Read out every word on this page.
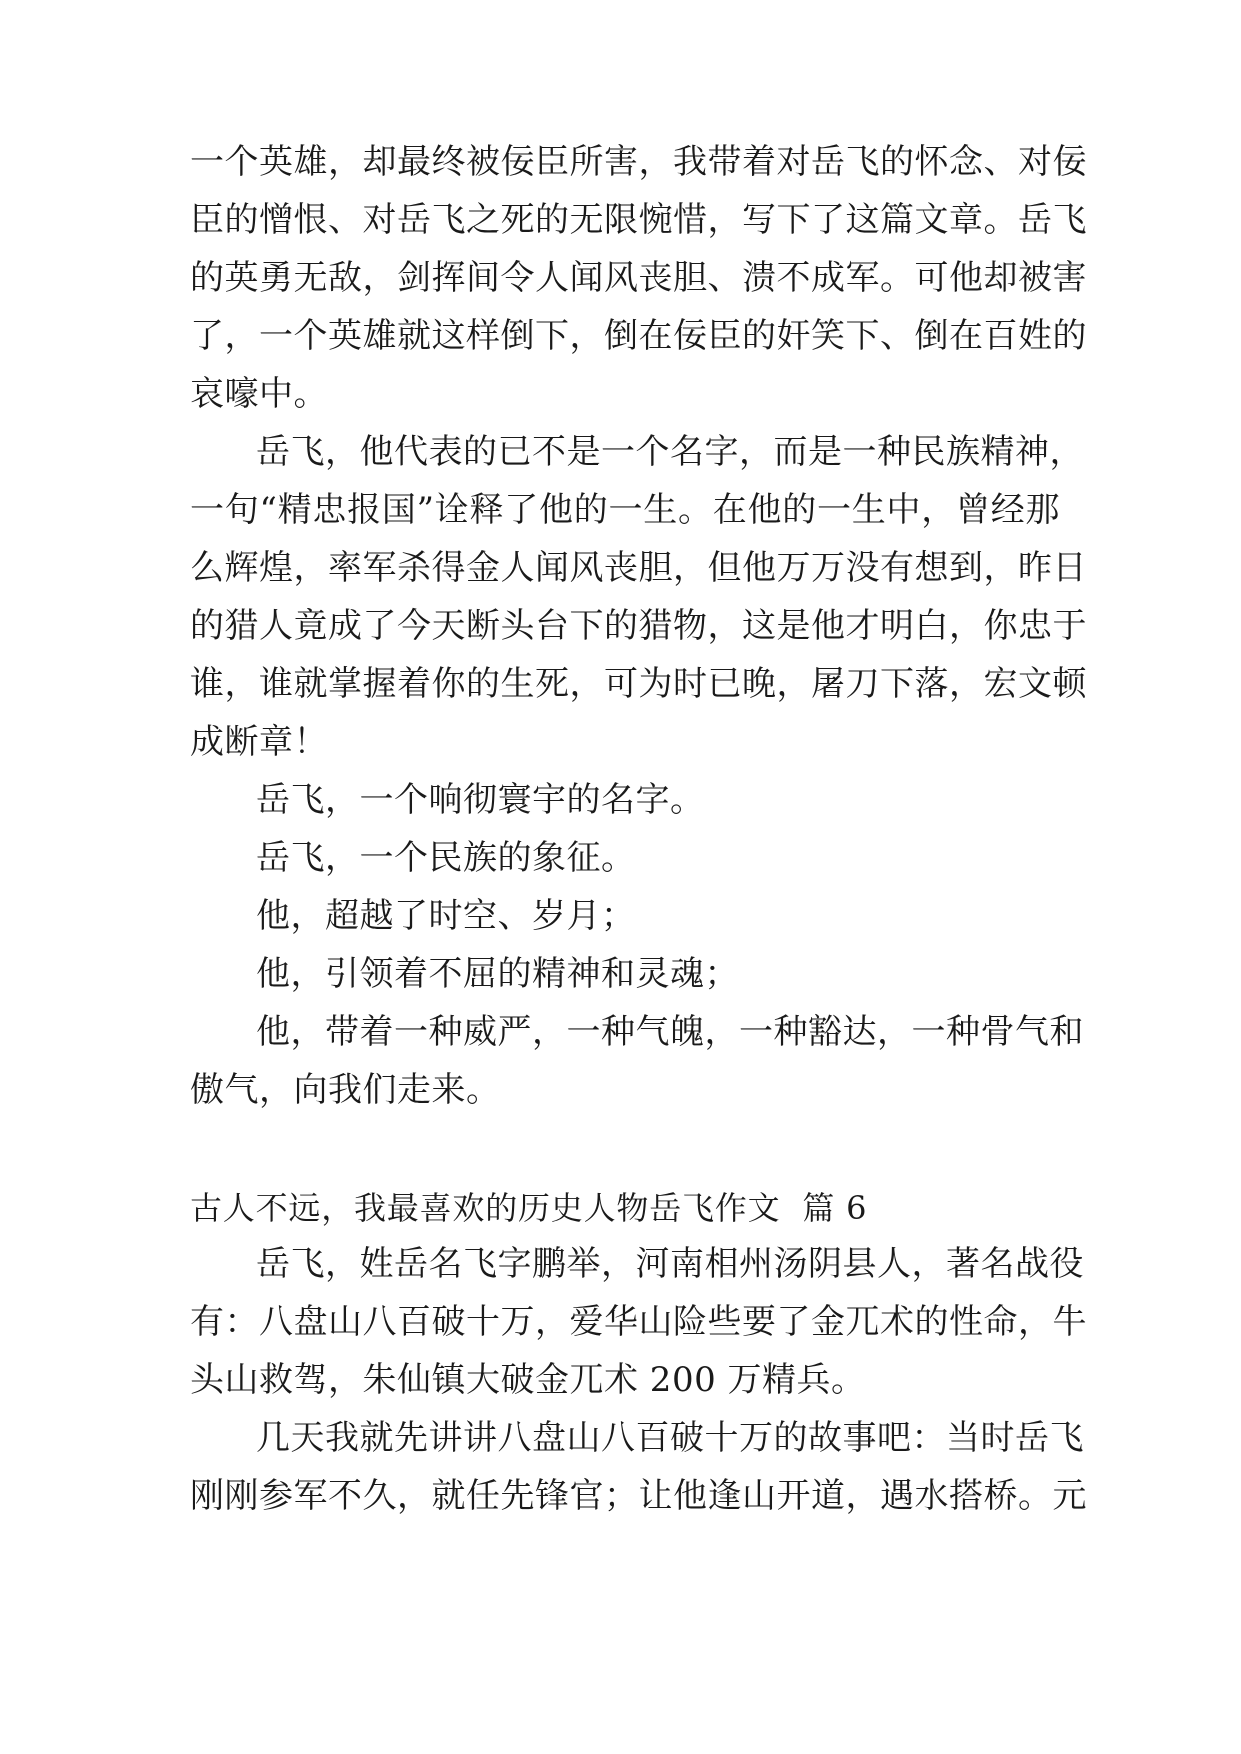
一个英雄，却最终被佞臣所害，我带着对岳飞的怀念、对佞
臣的憎恨、对岳飞之死的无限惋惜，写下了这篇文章。岳飞
的英勇无敌，剑挥间令人闻风丧胆、溃不成军。可他却被害
了，一个英雄就这样倒下，倒在佞臣的奸笑下、倒在百姓的
哀嚎中。
岳飞，他代表的已不是一个名字，而是一种民族精神，
一句“精忠报国”诠释了他的一生。在他的一生中，曾经那
么辉煌，率军杀得金人闻风丧胆，但他万万没有想到，昨日
的猎人竟成了今天断头台下的猎物，这是他才明白，你忠于
谁，谁就掌握着你的生死，可为时已晚，屠刀下落，宏文顿
成断章！
岳飞，一个响彻寰宇的名字。
岳飞，一个民族的象征。
他，超越了时空、岁月；
他，引领着不屈的精神和灵魂；
他，带着一种威严，一种气魄，一种豁达，一种骨气和
傲气，向我们走来。
古人不远，我最喜欢的历史人物岳飞作文  篇 6
岳飞，姓岳名飞字鹏举，河南相州汤阴县人，著名战役
有：八盘山八百破十万，爱华山险些要了金兀术的性命，牛
头山救驾，朱仙镇大破金兀术 200 万精兵。
几天我就先讲讲八盘山八百破十万的故事吧：当时岳飞
刚刚参军不久，就任先锋官；让他逢山开道，遇水搭桥。元
